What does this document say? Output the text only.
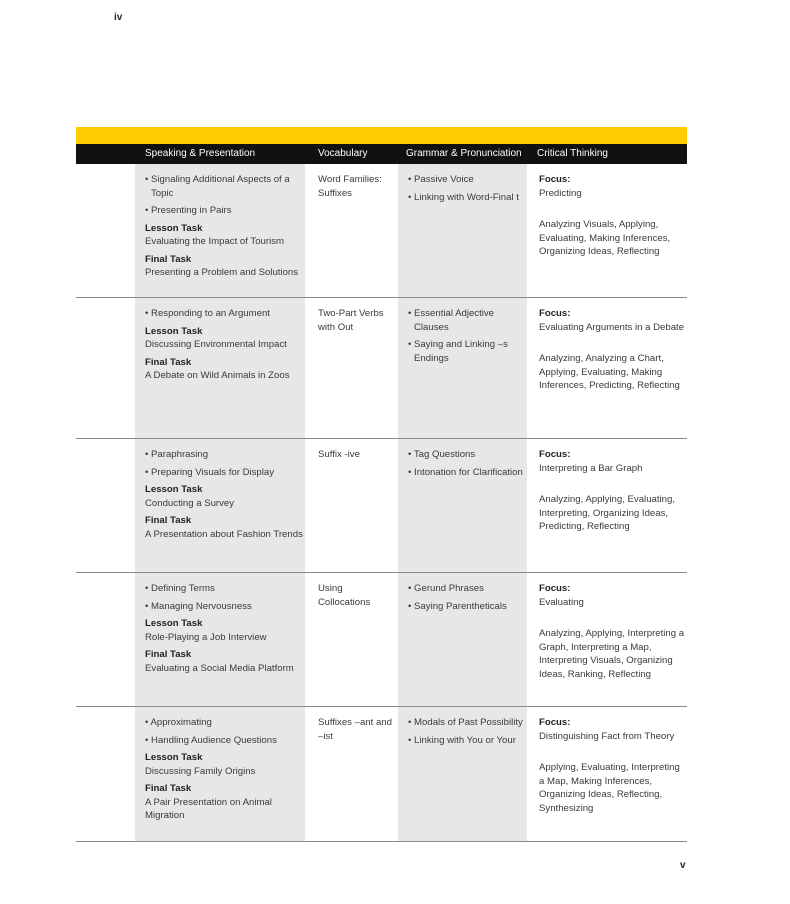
iv
Speaking & Presentation	Vocabulary	Grammar & Pronunciation	Critical Thinking
• Signaling Additional Aspects of a Topic
• Presenting in Pairs
Lesson Task
Evaluating the Impact of Tourism
Final Task
Presenting a Problem and Solutions
Word Families: Suffixes
• Passive Voice
• Linking with Word-Final t
Focus:
Predicting
Analyzing Visuals, Applying, Evaluating, Making Inferences, Organizing Ideas, Reflecting
• Responding to an Argument
Lesson Task
Discussing Environmental Impact
Final Task
A Debate on Wild Animals in Zoos
Two-Part Verbs with Out
• Essential Adjective Clauses
• Saying and Linking –s Endings
Focus:
Evaluating Arguments in a Debate
Analyzing, Analyzing a Chart, Applying, Evaluating, Making Inferences, Predicting, Reflecting
• Paraphrasing
• Preparing Visuals for Display
Lesson Task
Conducting a Survey
Final Task
A Presentation about Fashion Trends
Suffix -ive
•	Tag Questions
• Intonation for Clarification
Focus:
Interpreting a Bar Graph
Analyzing, Applying, Evaluating, Interpreting, Organizing Ideas, Predicting, Reflecting
• Defining Terms
• Managing Nervousness
Lesson Task
Role-Playing a Job Interview
Final Task
Evaluating a Social Media Platform
Using Collocations
• Gerund Phrases
• Saying Parentheticals
Focus:
Evaluating
Analyzing, Applying, Interpreting a Graph, Interpreting a Map, Interpreting Visuals, Organizing Ideas, Ranking, Reflecting
• Approximating
• Handling Audience Questions
Lesson Task
Discussing Family Origins
Final Task
A Pair Presentation on Animal Migration
Suffixes –ant and –ist
• Modals of Past Possibility
• Linking with You or Your
Focus:
Distinguishing Fact from Theory
Applying, Evaluating, Interpreting a Map, Making Inferences, Organizing Ideas, Reflecting, Synthesizing
v
